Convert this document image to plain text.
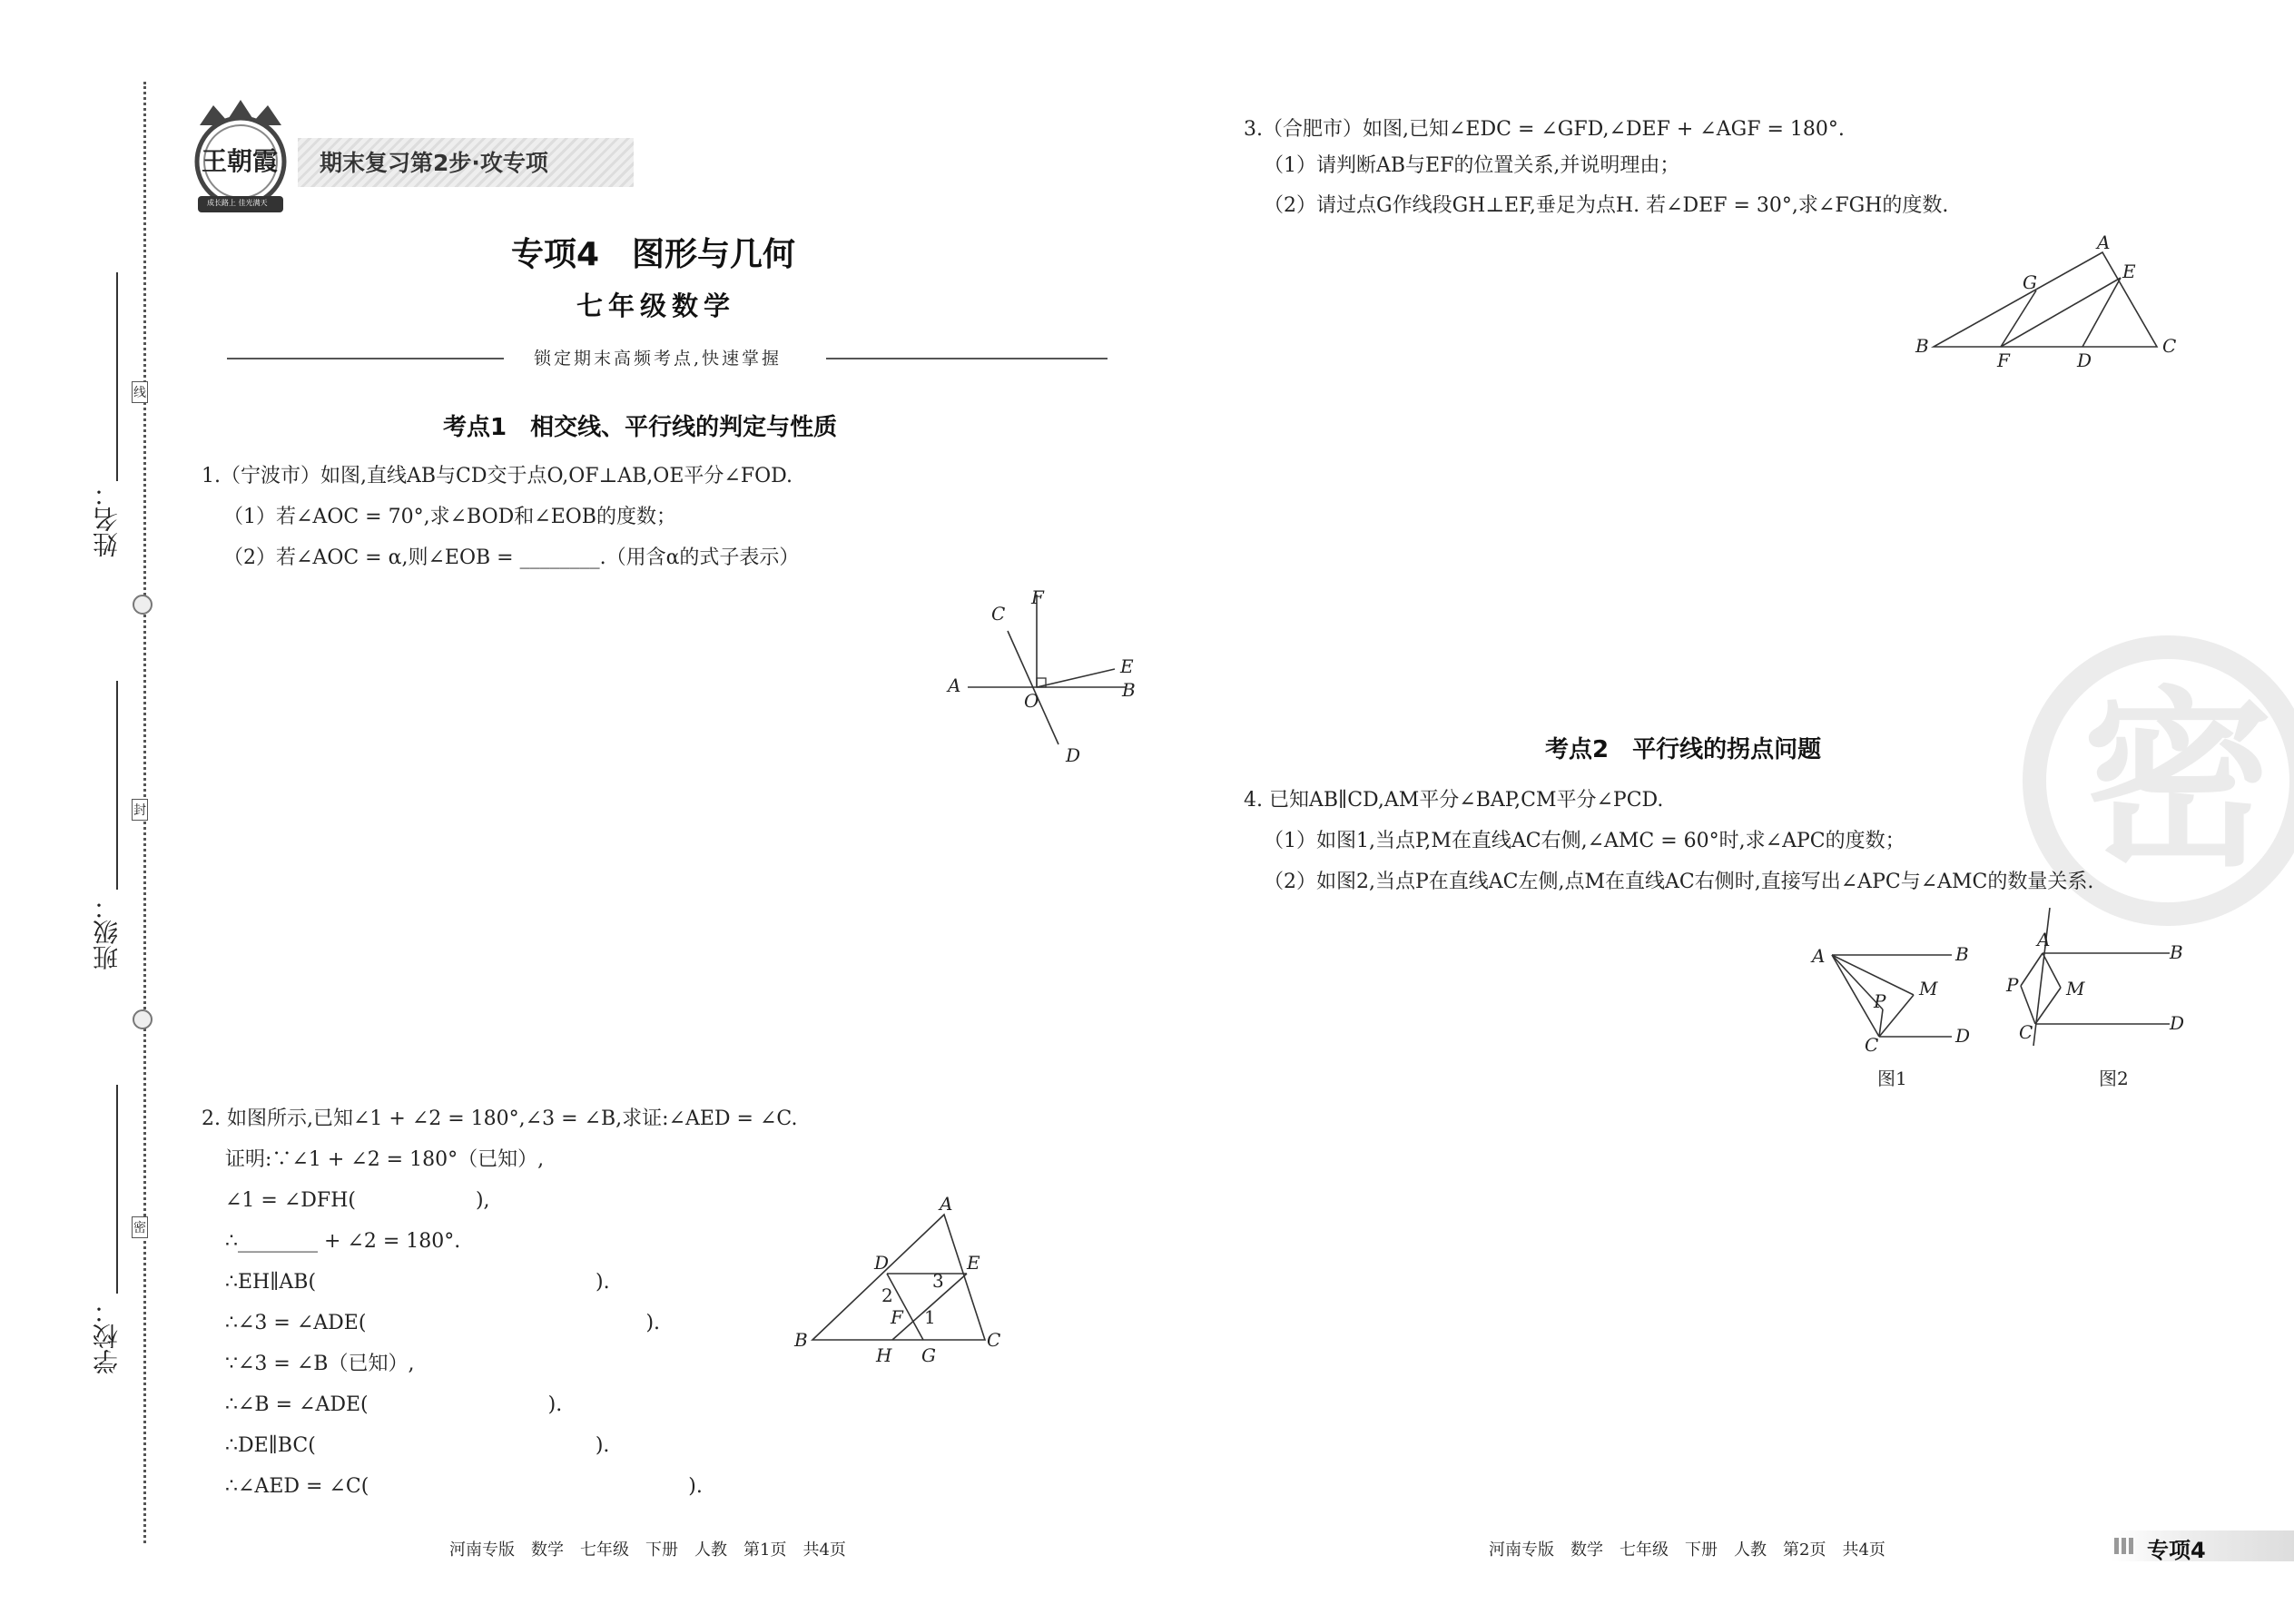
姓名：
班级：
学校：
线
封
密
王朝霞
成长路上 佳光满天
期末复习第2步·攻专项
专项4　图形与几何
七年级数学
锁定期末高频考点,快速掌握
考点1　相交线、平行线的判定与性质
1.（宁波市）如图,直线AB与CD交于点O,OF⊥AB,OE平分∠FOD.
（1）若∠AOC = 70°,求∠BOD和∠EOB的度数；
（2）若∠AOC = α,则∠EOB = ________.（用含α的式子表示）
C
F
E
B
A
O
D
2. 如图所示,已知∠1 + ∠2 = 180°,∠3 = ∠B,求证:∠AED = ∠C.
证明:∵∠1 + ∠2 = 180°（已知）,
∠1 = ∠DFH(　　　　　　),
∴________ + ∠2 = 180°.
∴EH∥AB(　　　　　　　　　　　　　　).
∴∠3 = ∠ADE(　　　　　　　　　　　　　　).
∵∠3 = ∠B（已知）,
∴∠B = ∠ADE(　　　　　　　　　).
∴DE∥BC(　　　　　　　　　　　　　　).
∴∠AED = ∠C(　　　　　　　　　　　　　　　　).
A
D	E
2
3
F 1
B
H G
C
河南专版　数学　七年级　下册　人教　第1页　共4页
3.（合肥市）如图,已知∠EDC = ∠GFD,∠DEF + ∠AGF = 180°.
（1）请判断AB与EF的位置关系,并说明理由；
（2）请过点G作线段GH⊥EF,垂足为点H. 若∠DEF = 30°,求∠FGH的度数.
A
G	E
B
F	D
C
密
考点2　平行线的拐点问题
4. 已知AB∥CD,AM平分∠BAP,CM平分∠PCD.
（1）如图1,当点P,M在直线AC右侧,∠AMC = 60°时,求∠APC的度数；
（2）如图2,当点P在直线AC左侧,点M在直线AC右侧时,直接写出∠APC与∠AMC的数量关系.
A	B
M
P
C	D
图1
A
B
P	M
C	D
图2
河南专版　数学　七年级　下册　人教　第2页　共4页	专项4
